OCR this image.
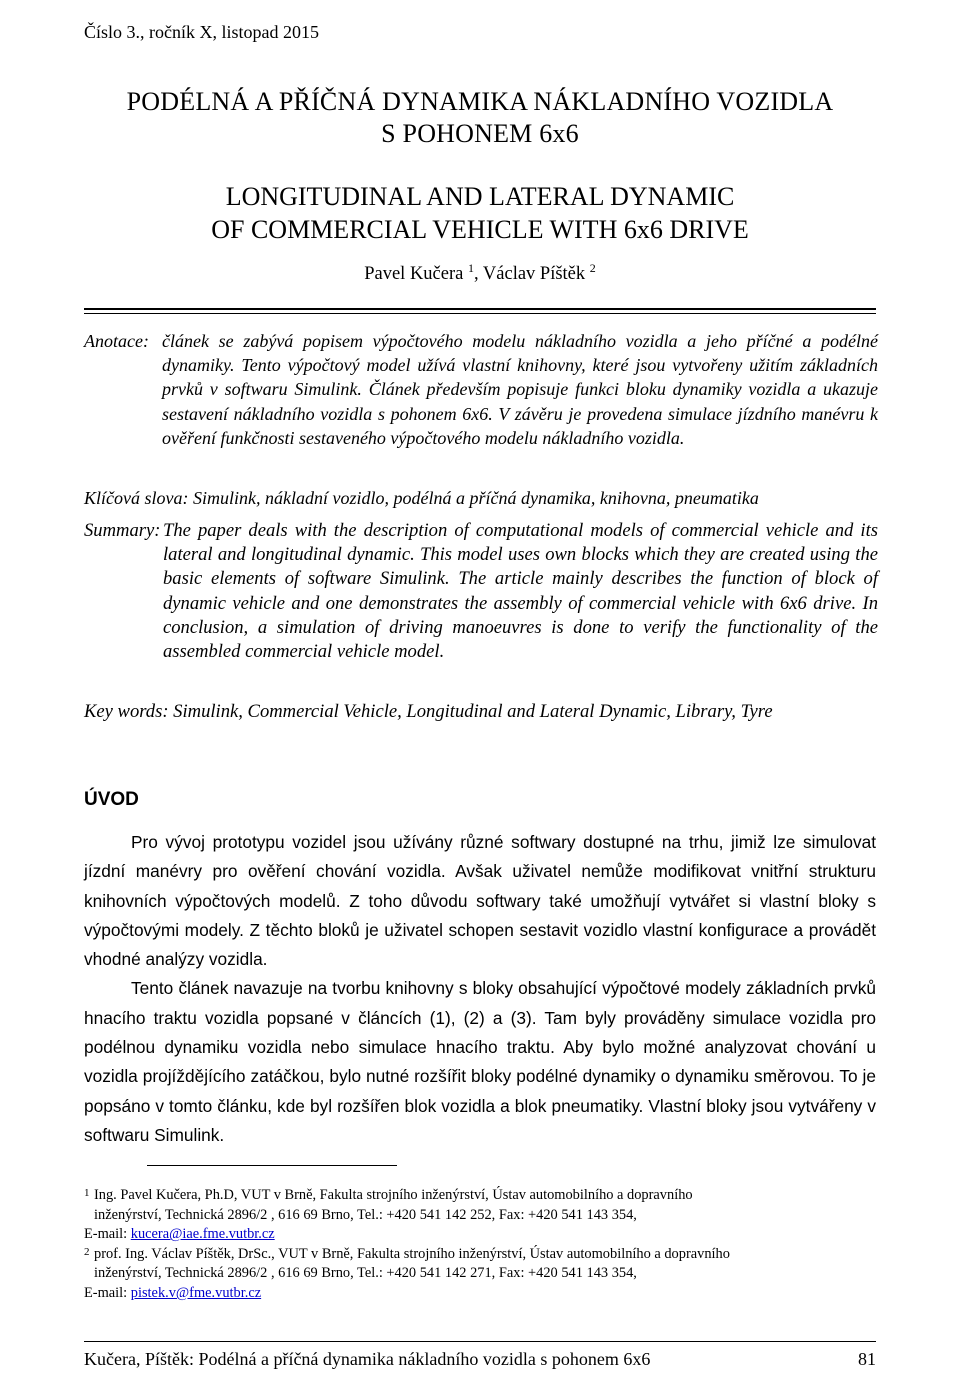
Číslo 3., ročník X, listopad 2015
PODÉLNÁ A PŘÍČNÁ DYNAMIKA NÁKLADNÍHO VOZIDLA
S POHONEM 6x6
LONGITUDINAL AND LATERAL DYNAMIC
OF COMMERCIAL VEHICLE WITH 6x6 DRIVE
Pavel Kučera $^1$, Václav Píštěk $^2$
Anotace: článek se zabývá popisem výpočtového modelu nákladního vozidla a jeho příčné a podélné dynamiky. Tento výpočtový model užívá vlastní knihovny, které jsou vytvořeny užitím základních prvků v softwaru Simulink. Článek především popisuje funkci bloku dynamiky vozidla a ukazuje sestavení nákladního vozidla s pohonem 6x6. V závěru je provedena simulace jízdního manévru k ověření funkčnosti sestaveného výpočtového modelu nákladního vozidla.
Klíčová slova: Simulink, nákladní vozidlo, podélná a příčná dynamika, knihovna, pneumatika
Summary: The paper deals with the description of computational models of commercial vehicle and its lateral and longitudinal dynamic. This model uses own blocks which they are created using the basic elements of software Simulink. The article mainly describes the function of block of dynamic vehicle and one demonstrates the assembly of commercial vehicle with 6x6 drive. In conclusion, a simulation of driving manoeuvres is done to verify the functionality of the assembled commercial vehicle model.
Key words: Simulink, Commercial Vehicle, Longitudinal and Lateral Dynamic, Library, Tyre
ÚVOD

Pro vývoj prototypu vozidel jsou užívány různé softwary dostupné na trhu, jimiž lze simulovat jízdní manévry pro ověření chování vozidla. Avšak uživatel nemůže modifikovat vnitřní strukturu knihovních výpočtových modelů. Z toho důvodu softwary také umožňují vytvářet si vlastní bloky s výpočtovými modely. Z těchto bloků je uživatel schopen sestavit vozidlo vlastní konfigurace a provádět vhodné analýzy vozidla.

Tento článek navazuje na tvorbu knihovny s bloky obsahující výpočtové modely základních prvků hnacího traktu vozidla popsané v článcích (1), (2) a (3). Tam byly prováděny simulace vozidla pro podélnou dynamiku vozidla nebo simulace hnacího traktu. Aby bylo možné analyzovat chování u vozidla projíždějícího zatáčkou, bylo nutné rozšířit bloky podélné dynamiky o dynamiku směrovou. To je popsáno v tomto článku, kde byl rozšířen blok vozidla a blok pneumatiky. Vlastní bloky jsou vytvářeny v softwaru Simulink.

1 Ing. Pavel Kučera, Ph.D, VUT v Brně, Fakulta strojního inženýrství, Ústav automobilního a dopravního
inženýrství, Technická 2896/2 , 616 69 Brno, Tel.: +420 541 142 252, Fax: +420 541 143 354,
E-mail: kucera@iae.fme.vutbr.cz
2 prof. Ing. Václav Píštěk, DrSc., VUT v Brně, Fakulta strojního inženýrství, Ústav automobilního a dopravního
inženýrství, Technická 2896/2 , 616 69 Brno, Tel.: +420 541 142 271, Fax: +420 541 143 354,
E-mail: pistek.v@fme.vutbr.cz
Kučera, Píštěk: Podélná a příčná dynamika nákladního vozidla s pohonem 6x6	81
